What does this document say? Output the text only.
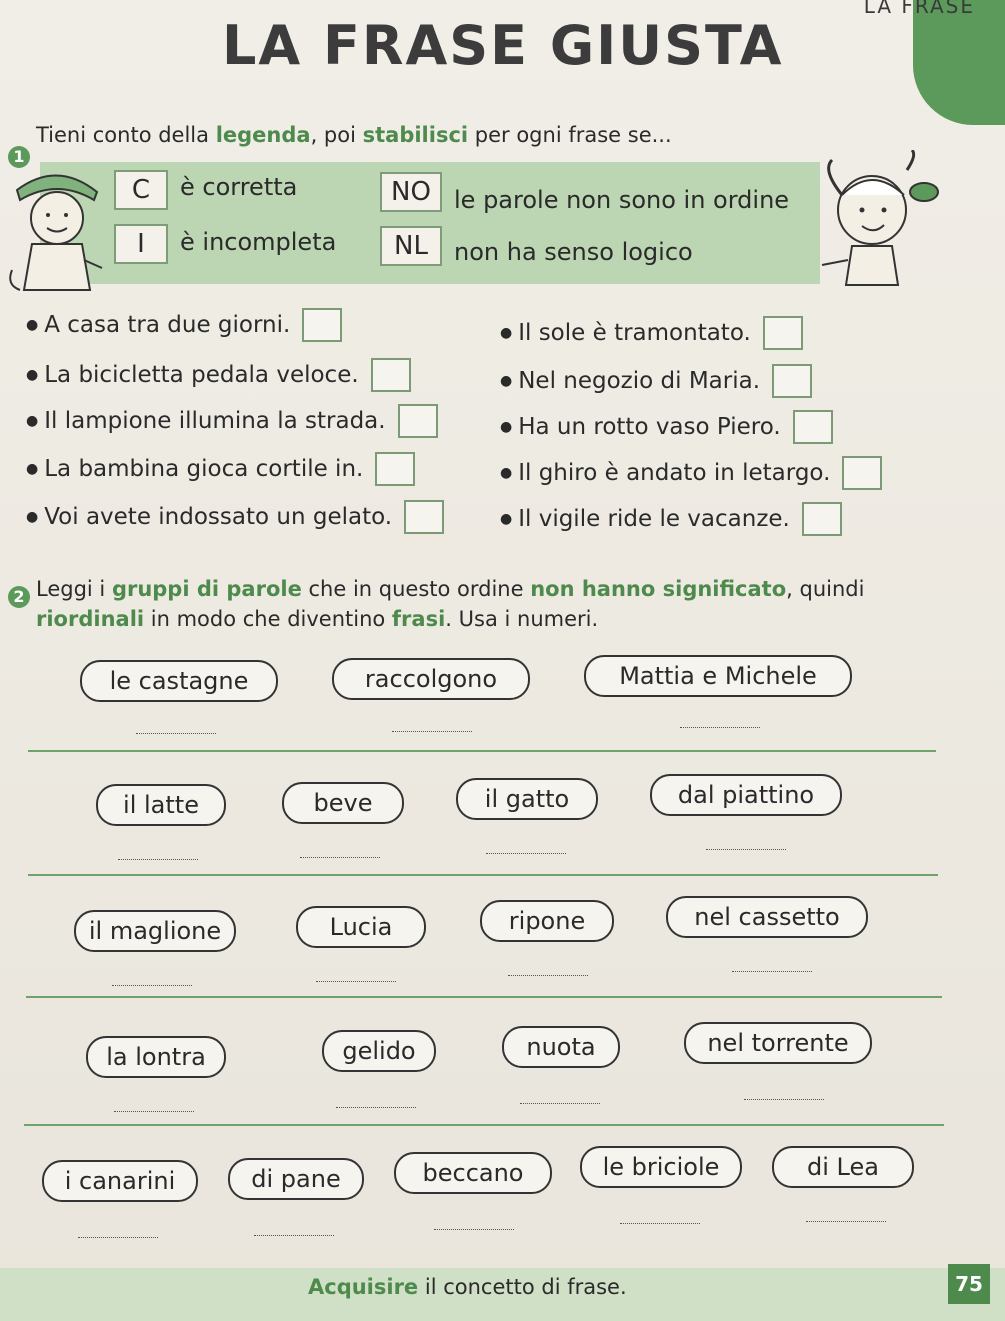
LA FRASE
LA FRASE GIUSTA
1
Tieni conto della legenda, poi stabilisci per ogni frase se...
C	è corretta	NO le parole non sono in ordine
I	è incompleta	NL	non ha senso logico
● A casa tra due giorni.
● La bicicletta pedala veloce.
● Il lampione illumina la strada.
● La bambina gioca cortile in.
● Voi avete indossato un gelato.
● Il sole è tramontato.
● Nel negozio di Maria.
● Ha un rotto vaso Piero.
● Il ghiro è andato in letargo.
● Il vigile ride le vacanze.
2 Leggi i gruppi di parole che in questo ordine non hanno significato, quindi riordinali in modo che diventino frasi. Usa i numeri.
le castagne	raccolgono	Mattia e Michele
il latte	beve	il gatto	dal piattino
il maglione	Lucia	ripone	nel cassetto
la lontra	gelido	nuota	nel torrente
i canarini	di pane	beccano	le briciole	di Lea
Acquisire il concetto di frase.	75
